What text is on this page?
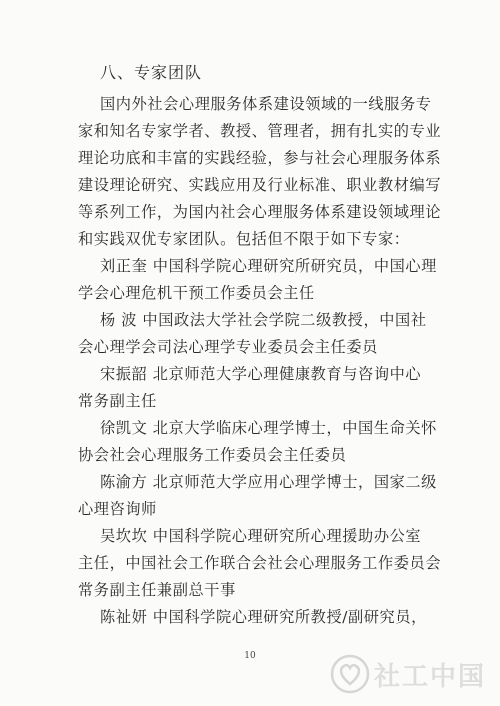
八、专家团队
国内外社会心理服务体系建设领域的一线服务专
家和知名专家学者、教授、管理者，拥有扎实的专业
理论功底和丰富的实践经验，参与社会心理服务体系
建设理论研究、实践应用及行业标准、职业教材编写
等系列工作，为国内社会心理服务体系建设领域理论
和实践双优专家团队。包括但不限于如下专家：
刘正奎 中国科学院心理研究所研究员，中国心理
学会心理危机干预工作委员会主任
杨 波 中国政法大学社会学院二级教授，中国社
会心理学会司法心理学专业委员会主任委员
宋振韶 北京师范大学心理健康教育与咨询中心
常务副主任
徐凯文 北京大学临床心理学博士，中国生命关怀
协会社会心理服务工作委员会主任委员
陈渝方 北京师范大学应用心理学博士，国家二级
心理咨询师
吴坎坎 中国科学院心理研究所心理援助办公室
主任，中国社会工作联合会社会心理服务工作委员会
常务副主任兼副总干事
陈祉妍 中国科学院心理研究所教授/副研究员，
10
社工中国
